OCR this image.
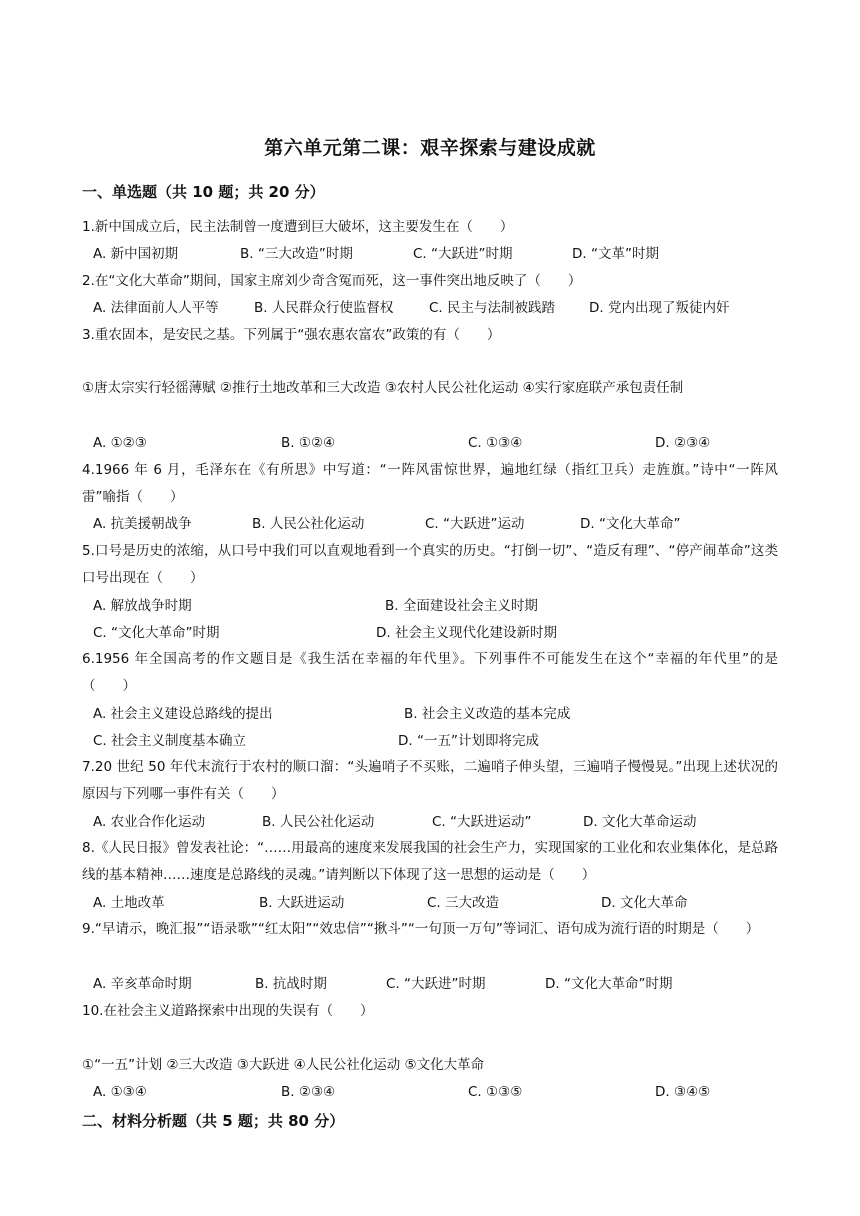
第六单元第二课：艰辛探索与建设成就
一、单选题（共 10 题；共 20 分）
1.新中国成立后，民主法制曾一度遭到巨大破坏，这主要发生在（　　）
A. 新中国初期	B. “三大改造”时期	C. “大跃进”时期	D. “文革”时期
2.在“文化大革命”期间，国家主席刘少奇含冤而死，这一事件突出地反映了（　　）
A. 法律面前人人平等	B. 人民群众行使监督权	C. 民主与法制被践踏	D. 党内出现了叛徒内奸
3.重农固本，是安民之基。下列属于“强农惠农富农”政策的有（　　）
①唐太宗实行轻徭薄赋 ②推行土地改革和三大改造 ③农村人民公社化运动 ④实行家庭联产承包责任制
A. ①②③	B. ①②④	C. ①③④	D. ②③④
4.1966 年 6 月，毛泽东在《有所思》中写道：“一阵风雷惊世界，遍地红绿（指红卫兵）走旌旗。”诗中“一阵风雷”喻指（　　）
A. 抗美援朝战争	B. 人民公社化运动	C. “大跃进”运动	D. “文化大革命”
5.口号是历史的浓缩，从口号中我们可以直观地看到一个真实的历史。“打倒一切”、“造反有理”、“停产闹革命”这类口号出现在（　　）
A. 解放战争时期	B. 全面建设社会主义时期
C. “文化大革命”时期	D. 社会主义现代化建设新时期
6.1956 年全国高考的作文题目是《我生活在幸福的年代里》。下列事件不可能发生在这个“幸福的年代里”的是（　　）
A. 社会主义建设总路线的提出	B. 社会主义改造的基本完成
C. 社会主义制度基本确立	D. “一五”计划即将完成
7.20 世纪 50 年代末流行于农村的顺口溜：“头遍哨子不买账，二遍哨子伸头望，三遍哨子慢慢晃。”出现上述状况的原因与下列哪一事件有关（　　）
A. 农业合作化运动	B. 人民公社化运动	C. “大跃进运动”	D. 文化大革命运动
8.《人民日报》曾发表社论：“……用最高的速度来发展我国的社会生产力，实现国家的工业化和农业集体化，是总路线的基本精神……速度是总路线的灵魂。”请判断以下体现了这一思想的运动是（　　）
A. 土地改革	B. 大跃进运动	C. 三大改造	D. 文化大革命
9.“早请示，晚汇报”“语录歌”“红太阳”“效忠信”“揪斗”“一句顶一万句”等词汇、语句成为流行语的时期是（　　）
A. 辛亥革命时期	B. 抗战时期	C. “大跃进”时期	D. “文化大革命”时期
10.在社会主义道路探索中出现的失误有（　　）
①“一五”计划 ②三大改造 ③大跃进 ④人民公社化运动 ⑤文化大革命
A. ①③④	B. ②③④	C. ①③⑤	D. ③④⑤
二、材料分析题（共 5 题；共 80 分）
